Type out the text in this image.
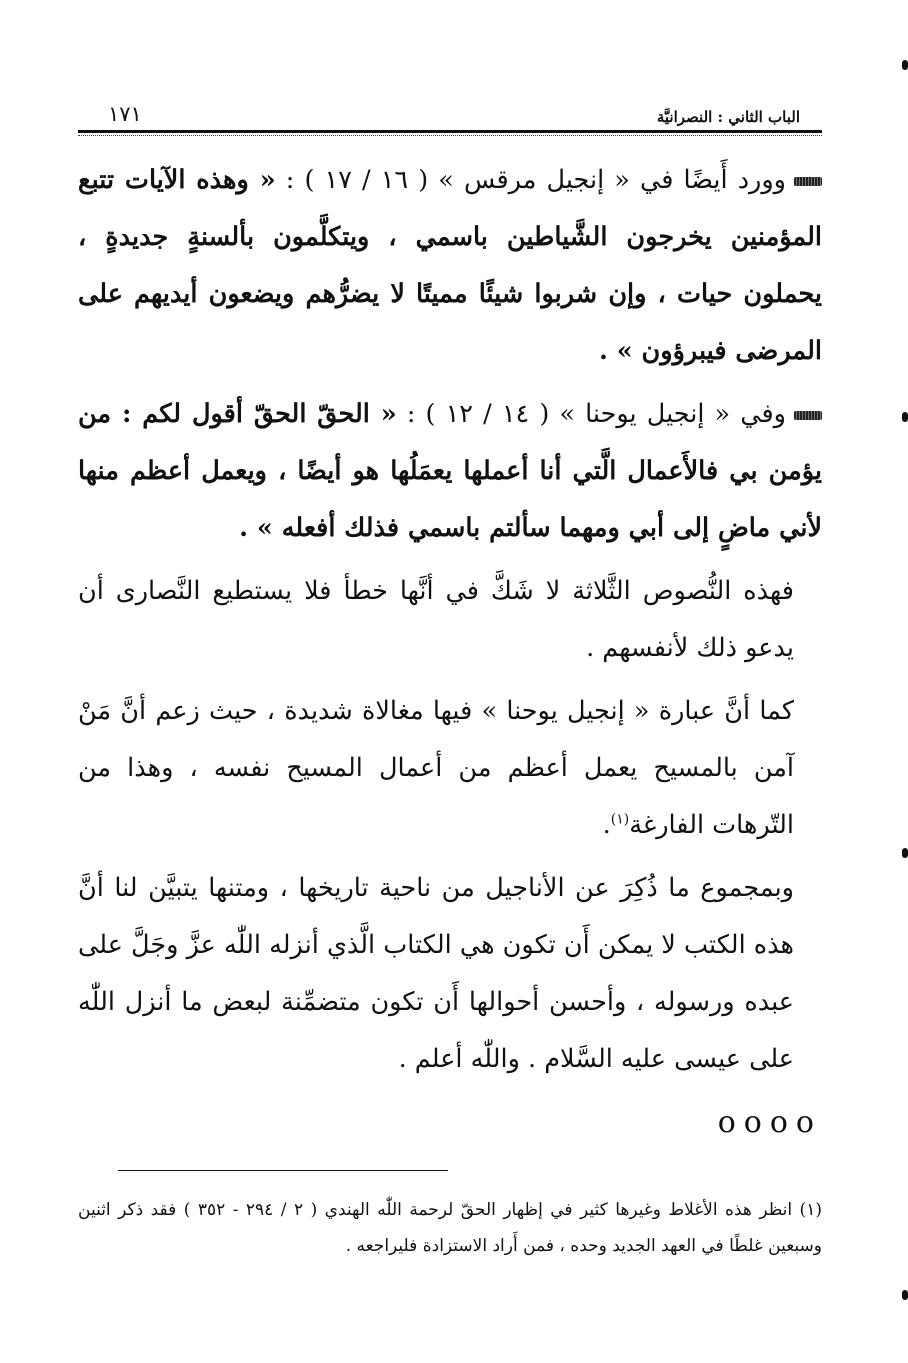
الباب الثاني : النصرانيَّة
١٧١

وورد أَيضًا في « إنجيل مرقس » ( ١٦ / ١٧ ) : « وهذه الآيات تتبع المؤمنين يخرجون الشَّياطين باسمي ، ويتكلَّمون بألسنةٍ جديدةٍ ، يحملون حيات ، وإن شربوا شيئًا مميتًا لا يضرُّهم ويضعون أيديهم على المرضى فيبرؤون » .

وفي « إنجيل يوحنا » ( ١٤ / ١٢ ) : « الحقّ الحقّ أقول لكم : من يؤمن بي فالأَعمال الَّتي أنا أعملها يعمَلُها هو أيضًا ، ويعمل أعظم منها لأني ماضٍ إلى أبي ومهما سألتم باسمي فذلك أفعله » .

فهذه النُّصوص الثَّلاثة لا شَكَّ في أنَّها خطأ فلا يستطيع النَّصارى أن يدعو ذلك لأنفسهم .

كما أنَّ عبارة « إنجيل يوحنا » فيها مغالاة شديدة ، حيث زعم أنَّ مَنْ آمن بالمسيح يعمل أعظم من أعمال المسيح نفسه ، وهذا من التّرهات الفارغة$^{(١)}$.

وبمجموع ما ذُكِرَ عن الأناجيل من ناحية تاريخها ، ومتنها يتبيَّن لنا أنَّ هذه الكتب لا يمكن أَن تكون هي الكتاب الَّذي أنزله اللّٰه عزَّ وجَلَّ على عبده ورسوله ، وأحسن أحوالها أَن تكون متضمِّنة لبعض ما أنزل اللّٰه على عيسى عليه السَّلام . واللّٰه أعلم .

oooo

(١) انظر هذه الأغلاط وغيرها كثير في إظهار الحقّ لرحمة اللّٰه الهندي ( ٢ / ٢٩٤ - ٣٥٢ ) فقد ذكر اثنين وسبعين غلطًا في العهد الجديد وحده ، فمن أَراد الاستزادة فليراجعه .
